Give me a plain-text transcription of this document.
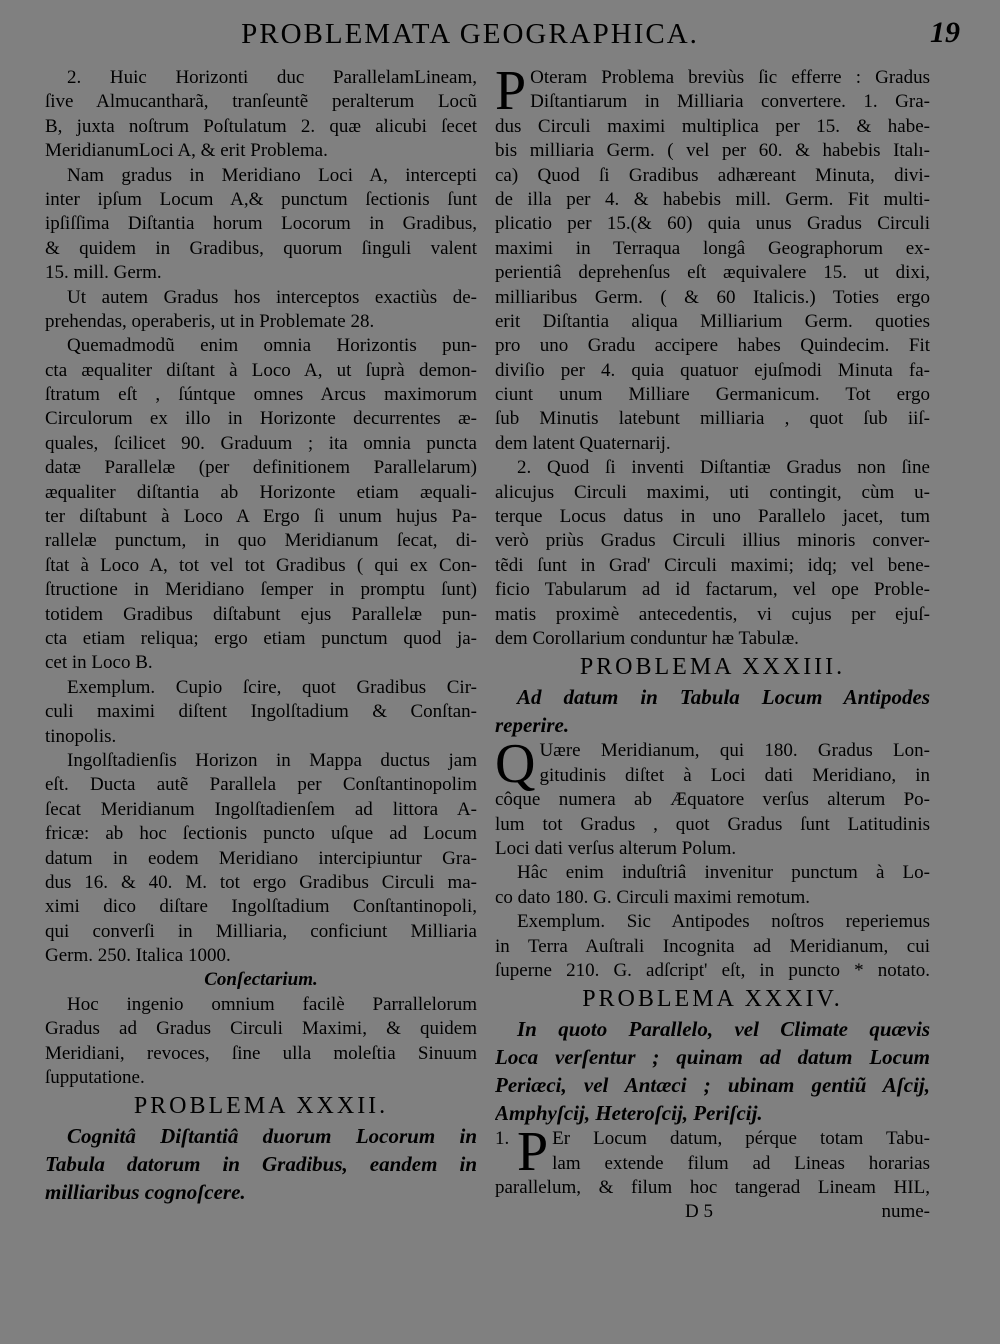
PROBLEMATA GEOGRAPHICA.	19
2. Huic Horizonti duc ParallelamLineam,
ſive Almucantharã, tranſeuntẽ peralterum Locũ
B, juxta noſtrum Poſtulatum 2. quæ alicubi ſecet
MeridianumLoci A, & erit Problema.
Nam gradus in Meridiano Loci A, intercepti
inter ipſum Locum A,& punctum ſectionis ſunt
ipſiſſima Diſtantia horum Locorum in Gradibus,
& quidem in Gradibus, quorum ſinguli valent
15. mill. Germ.
Ut autem Gradus hos interceptos exactiùs de-
prehendas, operaberis, ut in Problemate 28.
Quemadmodũ enim omnia Horizontis pun-
cta æqualiter diſtant à Loco A, ut ſuprà demon-
ſtratum eſt , ſúntque omnes Arcus maximorum
Circulorum ex illo in Horizonte decurrentes æ-
quales, ſcilicet 90. Graduum ; ita omnia puncta
datæ Parallelæ (per definitionem Parallelarum)
æqualiter diſtantia ab Horizonte etiam æquali-
ter diſtabunt à Loco A Ergo ſi unum hujus Pa-
rallelæ punctum, in quo Meridianum ſecat, di-
ſtat à Loco A, tot vel tot Gradibus ( qui ex Con-
ſtructione in Meridiano ſemper in promptu ſunt)
totidem Gradibus diſtabunt ejus Parallelæ pun-
cta etiam reliqua; ergo etiam punctum quod ja-
cet in Loco B.
Exemplum. Cupio ſcire, quot Gradibus Cir-
culi maximi diſtent Ingolſtadium & Conſtan-
tinopolis.
Ingolſtadienſis Horizon in Mappa ductus jam
eſt. Ducta autẽ Parallela per Conſtantinopolim
ſecat Meridianum Ingolſtadienſem ad littora A-
fricæ: ab hoc ſectionis puncto uſque ad Locum
datum in eodem Meridiano intercipiuntur Gra-
dus 16. & 40. M. tot ergo Gradibus Circuli ma-
ximi dico diſtare Ingolſtadium Conſtantinopoli,
qui converſi in Milliaria, conficiunt Milliaria
Germ. 250. Italica 1000.
Conſectarium.
Hoc ingenio omnium facilè Parrallelorum
Gradus ad Gradus Circuli Maximi, & quidem
Meridiani, revoces, ſine ulla moleſtia Sinuum
ſupputatione.
PROBLEMA XXXII.
Cognitâ Diſtantiâ duorum Locorum in
Tabula datorum in Gradibus, eandem in
milliaribus cognoſcere.
P Oteram Problema breviùs ſic efferre : Gradus
Diſtantiarum in Milliaria convertere. 1. Gra-
dus Circuli maximi multiplica per 15. & habe-
bis milliaria Germ. ( vel per 60. & habebis Italı-
ca) Quod ſi Gradibus adhæreant Minuta, divi-
de illa per 4. & habebis mill. Germ. Fit multi-
plicatio per 15.(& 60) quia unus Gradus Circuli
maximi in Terraqua longâ Geographorum ex-
perientiâ deprehenſus eſt æquivalere 15. ut dixi,
milliaribus Germ. ( & 60 Italicis.) Toties ergo
erit Diſtantia aliqua Milliarium Germ. quoties
pro uno Gradu accipere habes Quindecim. Fit
diviſio per 4. quia quatuor ejuſmodi Minuta fa-
ciunt unum Milliare Germanicum. Tot ergo
ſub Minutis latebunt milliaria , quot ſub iiſ-
dem latent Quaternarij.
2. Quod ſi inventi Diſtantiæ Gradus non ſine
alicujus Circuli maximi, uti contingit, cùm u-
terque Locus datus in uno Parallelo jacet, tum
verò priùs Gradus Circuli illius minoris conver-
tẽdi ſunt in Grad' Circuli maximi; idq; vel bene-
ficio Tabularum ad id factarum, vel ope Proble-
matis proximè antecedentis, vi cujus per ejuſ-
dem Corollarium conduntur hæ Tabulæ.
PROBLEMA XXXIII.
Ad datum in Tabula Locum Antipodes
reperire.
Q Uære Meridianum, qui 180. Gradus Lon-
gitudinis diſtet à Loci dati Meridiano, in
côque numera ab Æquatore verſus alterum Po-
lum tot Gradus , quot Gradus ſunt Latitudinis
Loci dati verſus alterum Polum.
Hâc enim induſtriâ invenitur punctum à Lo-
co dato 180. G. Circuli maximi remotum.
Exemplum. Sic Antipodes noſtros reperiemus
in Terra Auſtrali Incognita ad Meridianum, cui
ſuperne 210. G. adſcript' eſt, in puncto * notato.
PROBLEMA XXXIV.
In quoto Parallelo, vel Climate quævis
Loca verſentur ; quinam ad datum Locum
Periæci, vel Antæci ; ubinam gentiũ Aſcij,
Amphyſcij, Heteroſcij, Periſcij.
1. P Er Locum datum, pérque totam Tabu-
lam extende filum ad Lineas horarias
parallelum, & filum hoc tangerad Lineam HIL,
D 5	nume-
